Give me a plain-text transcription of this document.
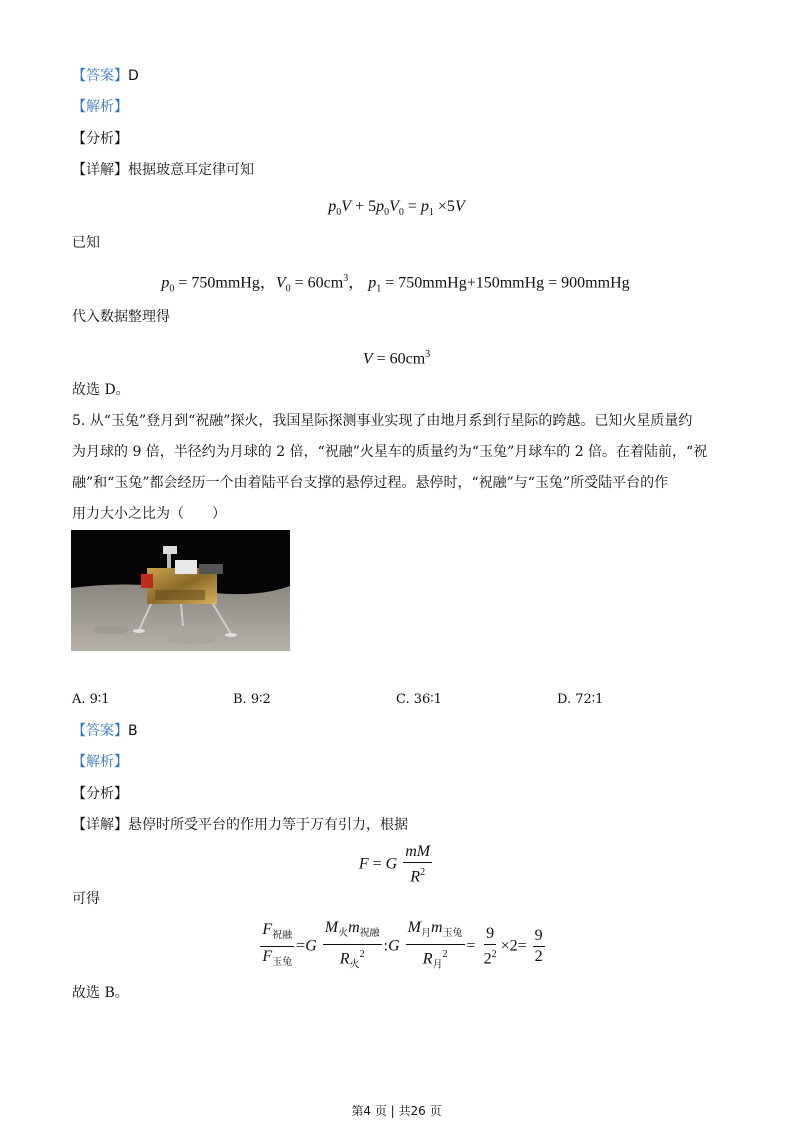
【答案】D
【解析】
【分析】
【详解】根据玻意耳定律可知
$p_0V + 5p_0V_0 = p_1 \times 5V$
已知
$p_0$ = 750mmHg，$V_0 = 60cm^3$， $p_1$ = 750mmHg+150mmHg = 900mmHg
代入数据整理得
$V = 60cm^3$
故选 D。
5. 从“玉兔”登月到“祝融”探火，我国星际探测事业实现了由地月系到行星际的跨越。已知火星质量约
为月球的 9 倍，半径约为月球的 2 倍，“祝融”火星车的质量约为“玉兔”月球车的 2 倍。在着陆前，“祝
融”和“玉兔”都会经历一个由着陆平台支撑的悬停过程。悬停时，“祝融”与“玉兔”所受陆平台的作
用力大小之比为（　　）
A. 9∶1	B. 9∶2	C. 36∶1	D. 72∶1
【答案】B
【解析】
【分析】
【详解】悬停时所受平台的作用力等于万有引力，根据
F = G $\frac{mM}{R^2}$
可得
$\frac{F_{祝融}}{F_{玉兔}} =G \frac{M_火m_{祝融}}{R_火^2}$ :G $\frac{M_月m_{玉兔}}{R_月^2} = \frac{9}{2^2} \times 2= \frac{9}{2}$
故选 B。
第4 页 | 共26 页
